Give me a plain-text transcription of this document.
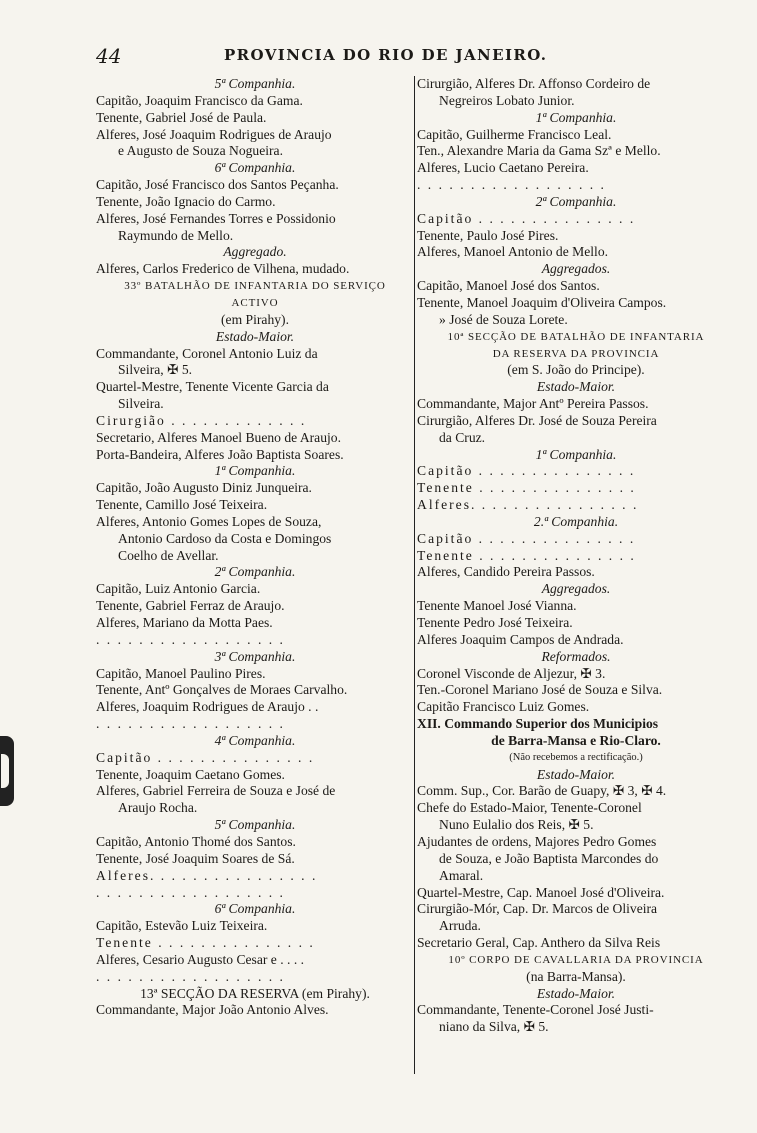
44	PROVINCIA DO RIO DE JANEIRO.
5ª Companhia.
Capitão, Joaquim Francisco da Gama.
Tenente, Gabriel José de Paula.
Alferes, José Joaquim Rodrigues de Araujo
e Augusto de Souza Nogueira.
6ª Companhia.
Capitão, José Francisco dos Santos Peçanha.
Tenente, João Ignacio do Carmo.
Alferes, José Fernandes Torres e Possidonio
Raymundo de Mello.
Aggregado.
Alferes, Carlos Frederico de Vilhena, mudado.
33º BATALHÃO DE INFANTARIA DO SERVIÇO
ACTIVO
(em Pirahy).
Estado-Maior.
Commandante, Coronel Antonio Luiz da
Silveira, ✠ 5.
Quartel-Mestre, Tenente Vicente Garcia da
Silveira.
Cirurgião . . . . . . . . . . . . .
Secretario, Alferes Manoel Bueno de Araujo.
Porta-Bandeira, Alferes João Baptista Soares.
1ª Companhia.
Capitão, João Augusto Diniz Junqueira.
Tenente, Camillo José Teixeira.
Alferes, Antonio Gomes Lopes de Souza,
Antonio Cardoso da Costa e Domingos
Coelho de Avellar.
2ª Companhia.
Capitão, Luiz Antonio Garcia.
Tenente, Gabriel Ferraz de Araujo.
Alferes, Mariano da Motta Paes.
. . . . . . . . . . . . . . . . . .
3ª Companhia.
Capitão, Manoel Paulino Pires.
Tenente, Antº Gonçalves de Moraes Carvalho.
Alferes, Joaquim Rodrigues de Araujo . .
. . . . . . . . . . . . . . . . . .
4ª Companhia.
Capitão . . . . . . . . . . . . . . .
Tenente, Joaquim Caetano Gomes.
Alferes, Gabriel Ferreira de Souza e José de
Araujo Rocha.
5ª Companhia.
Capitão, Antonio Thomé dos Santos.
Tenente, José Joaquim Soares de Sá.
Alferes. . . . . . . . . . . . . . . .
. . . . . . . . . . . . . . . . . .
6ª Companhia.
Capitão, Estevão Luiz Teixeira.
Tenente . . . . . . . . . . . . . . .
Alferes, Cesario Augusto Cesar e . . . .
. . . . . . . . . . . . . . . . . .
13ª SECÇÃO DA RESERVA (em Pirahy).
Commandante, Major João Antonio Alves.
Cirurgião, Alferes Dr. Affonso Cordeiro de
Negreiros Lobato Junior.
1ª Companhia.
Capitão, Guilherme Francisco Leal.
Ten., Alexandre Maria da Gama Szª e Mello.
Alferes, Lucio Caetano Pereira.
. . . . . . . . . . . . . . . . . .
2ª Companhia.
Capitão . . . . . . . . . . . . . . .
Tenente, Paulo José Pires.
Alferes, Manoel Antonio de Mello.
Aggregados.
Capitão, Manoel José dos Santos.
Tenente, Manoel Joaquim d'Oliveira Campos.
» José de Souza Lorete.
10ª SECÇÃO DE BATALHÃO DE INFANTARIA
DA RESERVA DA PROVINCIA
(em S. João do Principe).
Estado-Maior.
Commandante, Major Antº Pereira Passos.
Cirurgião, Alferes Dr. José de Souza Pereira
da Cruz.
1ª Companhia.
Capitão . . . . . . . . . . . . . . .
Tenente . . . . . . . . . . . . . . .
Alferes. . . . . . . . . . . . . . . .
2.ª Companhia.
Capitão . . . . . . . . . . . . . . .
Tenente . . . . . . . . . . . . . . .
Alferes, Candido Pereira Passos.
Aggregados.
Tenente Manoel José Vianna.
Tenente Pedro José Teixeira.
Alferes Joaquim Campos de Andrada.
Reformados.
Coronel Visconde de Aljezur, ✠ 3.
Ten.-Coronel Mariano José de Souza e Silva.
Capitão Francisco Luiz Gomes.
XII. Commando Superior dos Municipios
de Barra-Mansa e Rio-Claro.
(Não recebemos a rectificação.)
Estado-Maior.
Comm. Sup., Cor. Barão de Guapy, ✠ 3, ✠ 4.
Chefe do Estado-Maior, Tenente-Coronel
Nuno Eulalio dos Reis, ✠ 5.
Ajudantes de ordens, Majores Pedro Gomes
de Souza, e João Baptista Marcondes do
Amaral.
Quartel-Mestre, Cap. Manoel José d'Oliveira.
Cirurgião-Mór, Cap. Dr. Marcos de Oliveira
Arruda.
Secretario Geral, Cap. Anthero da Silva Reis
10º CORPO DE CAVALLARIA DA PROVINCIA
(na Barra-Mansa).
Estado-Maior.
Commandante, Tenente-Coronel José Justi-
niano da Silva, ✠ 5.
